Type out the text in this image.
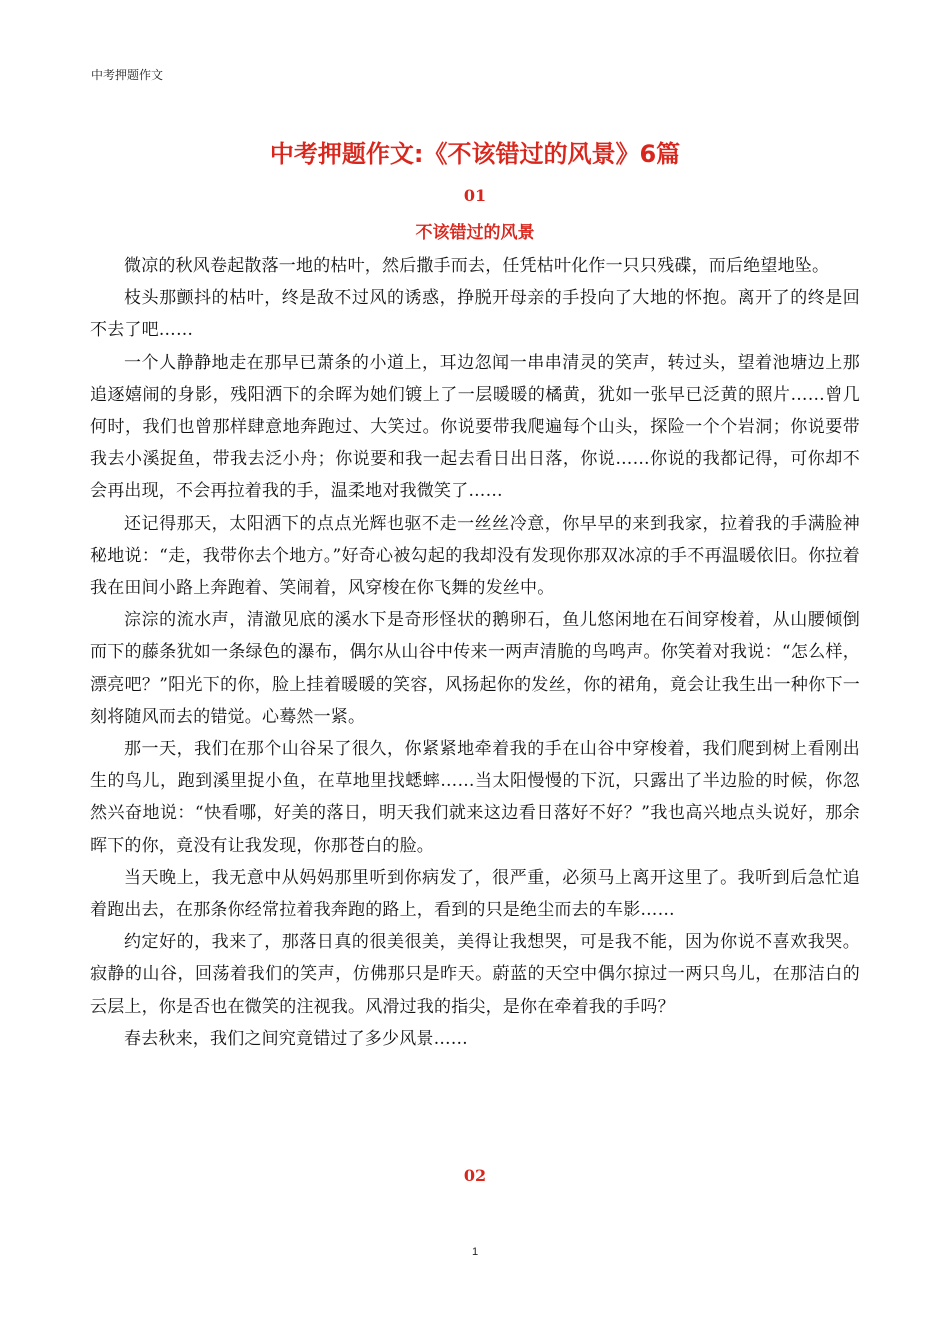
中考押题作文
中考押题作文:《不该错过的风景》6篇
01
不该错过的风景

微凉的秋风卷起散落一地的枯叶，然后撒手而去，任凭枯叶化作一只只残碟，而后绝望地坠。

枝头那颤抖的枯叶，终是敌不过风的诱惑，挣脱开母亲的手投向了大地的怀抱。离开了的终是回不去了吧……

一个人静静地走在那早已萧条的小道上，耳边忽闻一串串清灵的笑声，转过头，望着池塘边上那追逐嬉闹的身影，残阳洒下的余晖为她们镀上了一层暖暖的橘黄，犹如一张早已泛黄的照片……曾几何时，我们也曾那样肆意地奔跑过、大笑过。你说要带我爬遍每个山头，探险一个个岩洞；你说要带我去小溪捉鱼，带我去泛小舟；你说要和我一起去看日出日落，你说……你说的我都记得，可你却不会再出现，不会再拉着我的手，温柔地对我微笑了……

还记得那天，太阳洒下的点点光辉也驱不走一丝丝冷意，你早早的来到我家，拉着我的手满脸神秘地说：“走，我带你去个地方。”好奇心被勾起的我却没有发现你那双冰凉的手不再温暖依旧。你拉着我在田间小路上奔跑着、笑闹着，风穿梭在你飞舞的发丝中。

淙淙的流水声，清澈见底的溪水下是奇形怪状的鹅卵石，鱼儿悠闲地在石间穿梭着，从山腰倾倒而下的藤条犹如一条绿色的瀑布，偶尔从山谷中传来一两声清脆的鸟鸣声。你笑着对我说：“怎么样，漂亮吧？”阳光下的你，脸上挂着暖暖的笑容，风扬起你的发丝，你的裙角，竟会让我生出一种你下一刻将随风而去的错觉。心蓦然一紧。

那一天，我们在那个山谷呆了很久，你紧紧地牵着我的手在山谷中穿梭着，我们爬到树上看刚出生的鸟儿，跑到溪里捉小鱼，在草地里找蟋蟀……当太阳慢慢的下沉，只露出了半边脸的时候，你忽然兴奋地说：“快看哪，好美的落日，明天我们就来这边看日落好不好？”我也高兴地点头说好，那余晖下的你，竟没有让我发现，你那苍白的脸。

当天晚上，我无意中从妈妈那里听到你病发了，很严重，必须马上离开这里了。我听到后急忙追着跑出去，在那条你经常拉着我奔跑的路上，看到的只是绝尘而去的车影……

约定好的，我来了，那落日真的很美很美，美得让我想哭，可是我不能，因为你说不喜欢我哭。寂静的山谷，回荡着我们的笑声，仿佛那只是昨天。蔚蓝的天空中偶尔掠过一两只鸟儿，在那洁白的云层上，你是否也在微笑的注视我。风滑过我的指尖，是你在牵着我的手吗？

春去秋来，我们之间究竟错过了多少风景……

02
1
